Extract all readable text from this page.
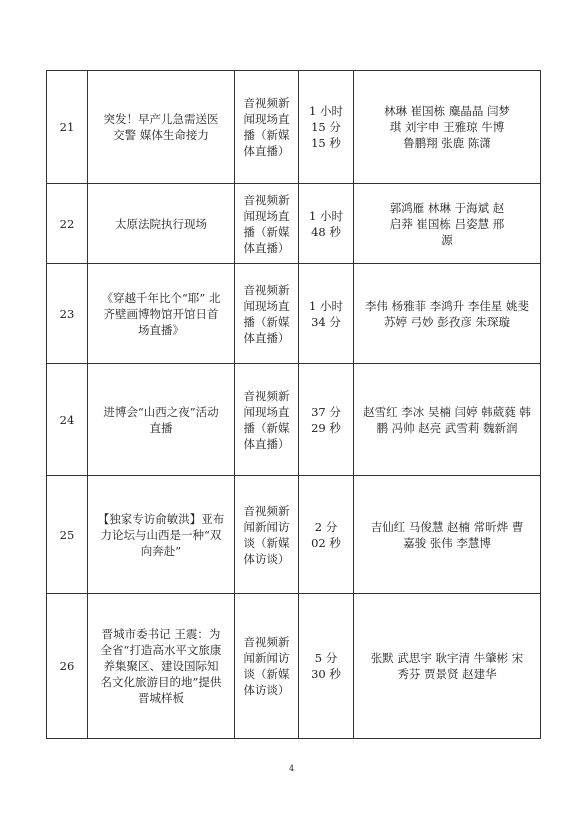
21	突发！早产儿急需送医 交警 媒体生命接力	音视频新闻现场直播（新媒体直播）	1 小时 15 分 15 秒	林琳 崔国栋 麋晶晶 闫梦琪 刘宇申 王雅琼 牛博 鲁鹏翔 张鹿 陈潇

22	太原法院执行现场	音视频新闻现场直播（新媒体直播）	1 小时 48 秒	郭鸿雁 林琳 于海斌 赵启莽 崔国栋 吕姿慧 邢源

23	《穿越千年比个“耶” 北齐壁画博物馆开馆日首场直播》	音视频新闻现场直播（新媒体直播）	1 小时 34 分	李伟 杨雅菲 李鸿升 李佳星 姚斐 苏婷 弓妙 彭孜彦 朱琛璇

24	进博会“山西之夜”活动直播	音视频新闻现场直播（新媒体直播）	37 分 29 秒	赵雪红 李冰 吴楠 闫婷 韩葳蕤 韩鹏 冯帅 赵亮 武雪莉 魏新润

25	【独家专访俞敏洪】亚布力论坛与山西是一种“双向奔赴”	音视频新闻新闻访谈（新媒体访谈）	2 分 02 秒	吉仙红 马俊慧 赵楠 常昕烨 曹嘉骏 张伟 李慧博

26	晋城市委书记 王震：为全省“打造高水平文旅康养集聚区、建设国际知名文化旅游目的地”提供晋城样板	音视频新闻新闻访谈（新媒体访谈）	5 分 30 秒	张默 武思宇 耿宇清 牛肇彬 宋秀芬 贾景贤 赵建华
4
